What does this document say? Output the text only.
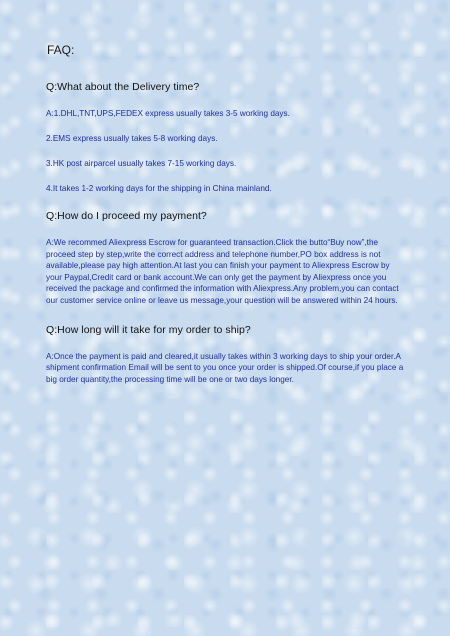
FAQ:
Q:What about the Delivery time?
A:1.DHL,TNT,UPS,FEDEX express usually takes 3-5 working days.
2.EMS express usually takes 5-8 working days.
3.HK post airparcel usually takes 7-15 working days.
4.It takes 1-2 working days for the shipping in China mainland.
Q:How do I proceed my payment?
A:We recommed Aliexpress Escrow for guaranteed transaction.Click the butto“Buy now”,the proceed step by step,write the correct address and telephone number,PO box address is not available,please pay high attention.At last you can finish your payment to Aliexpress Escrow by your Paypal,Credit card or bank account.We can only get the payment by Aliexpress once you received the package and confirmed the information with Aliexpress.Any problem,you can contact our customer service online or leave us message,your question will be answered within 24 hours.
Q:How long will it take for my order to ship?
A:Once the payment is paid and cleared,it usually takes within 3 working days to ship your order.A shipment confirmation Email will be sent to you once your order is shipped.Of course,if you place a big order quantity,the processing time will be one or two days longer.
